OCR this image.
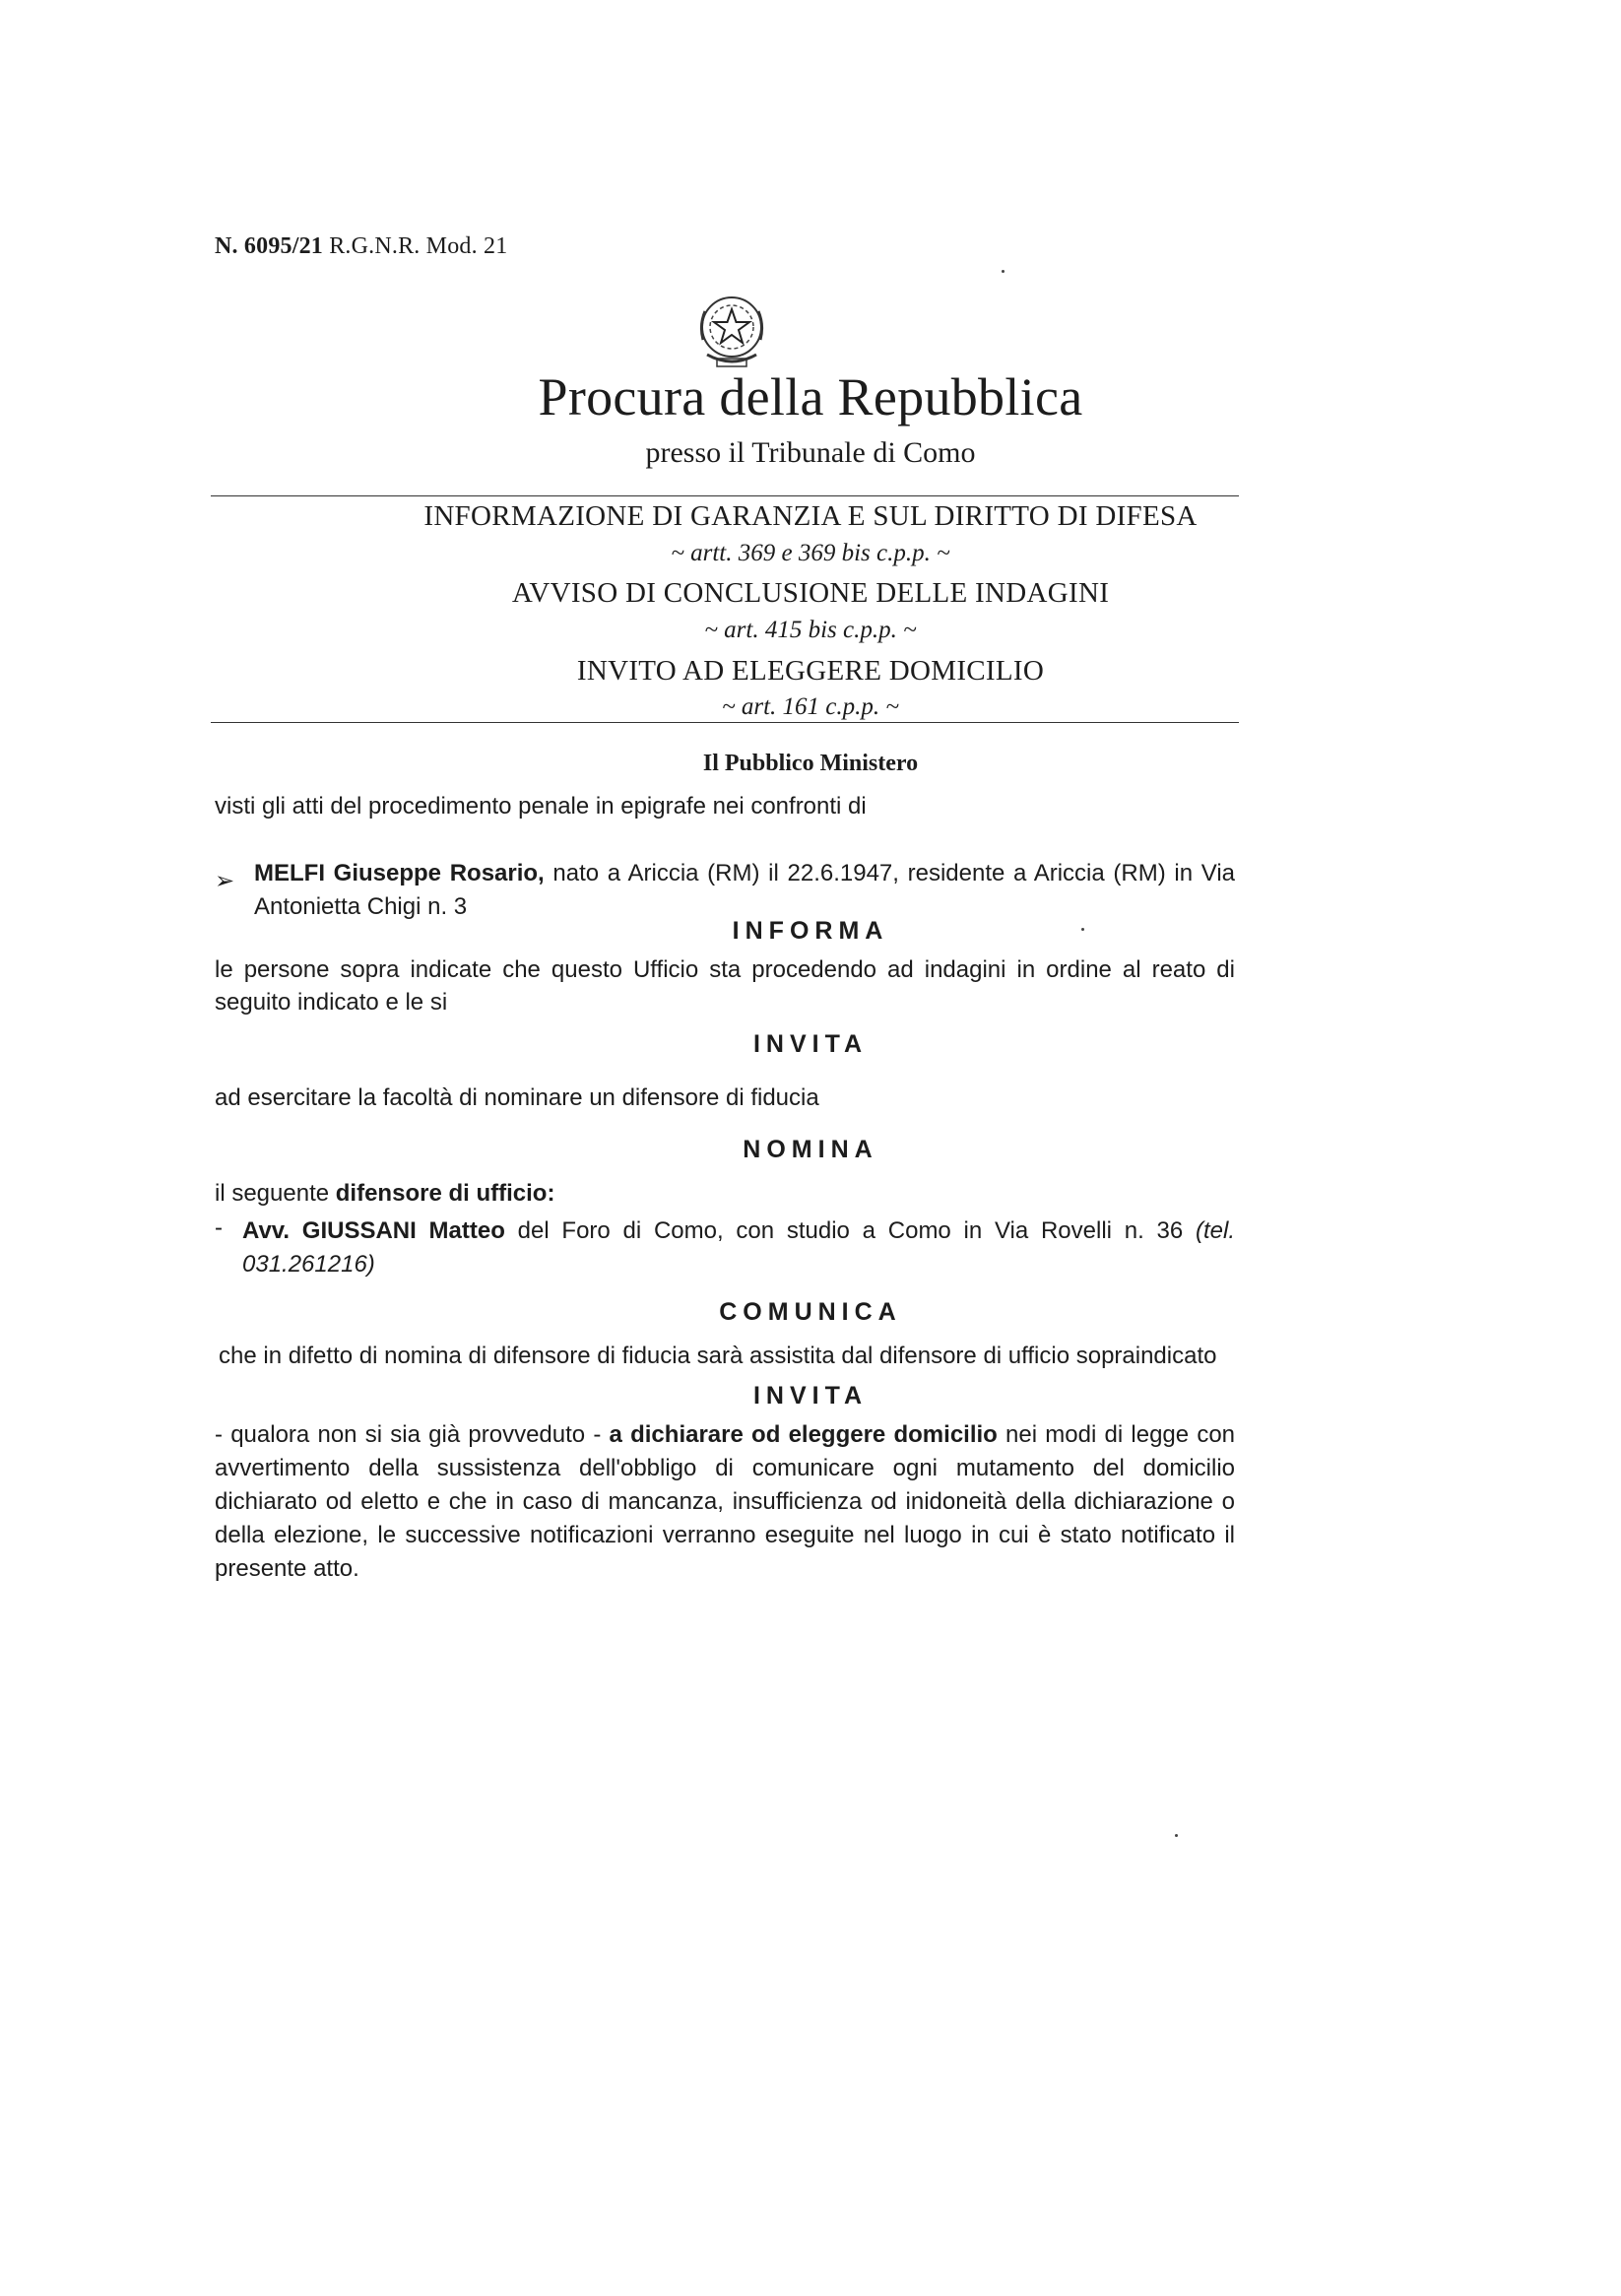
N. 6095/21 R.G.N.R. Mod. 21
Procura della Repubblica
presso il Tribunale di Como
INFORMAZIONE DI GARANZIA E SUL DIRITTO DI DIFESA
~ artt. 369 e 369 bis c.p.p. ~
AVVISO DI CONCLUSIONE DELLE INDAGINI
~ art. 415 bis c.p.p. ~
INVITO AD ELEGGERE DOMICILIO
~ art. 161 c.p.p. ~
Il Pubblico Ministero
visti gli atti del procedimento penale in epigrafe nei confronti di
➢ MELFI Giuseppe Rosario, nato a Ariccia (RM) il 22.6.1947, residente a Ariccia (RM) in Via Antonietta Chigi n. 3
INFORMA
le persone sopra indicate che questo Ufficio sta procedendo ad indagini in ordine al reato di seguito indicato e le si
INVITA
ad esercitare la facoltà di nominare un difensore di fiducia
NOMINA
il seguente difensore di ufficio:
- Avv. GIUSSANI Matteo del Foro di Como, con studio a Como in Via Rovelli n. 36 (tel. 031.261216)
COMUNICA
che in difetto di nomina di difensore di fiducia sarà assistita dal difensore di ufficio sopraindicato
INVITA
- qualora non si sia già provveduto - a dichiarare od eleggere domicilio nei modi di legge con avvertimento della sussistenza dell'obbligo di comunicare ogni mutamento del domicilio dichiarato od eletto e che in caso di mancanza, insufficienza od inidoneità della dichiarazione o della elezione, le successive notificazioni verranno eseguite nel luogo in cui è stato notificato il presente atto.
